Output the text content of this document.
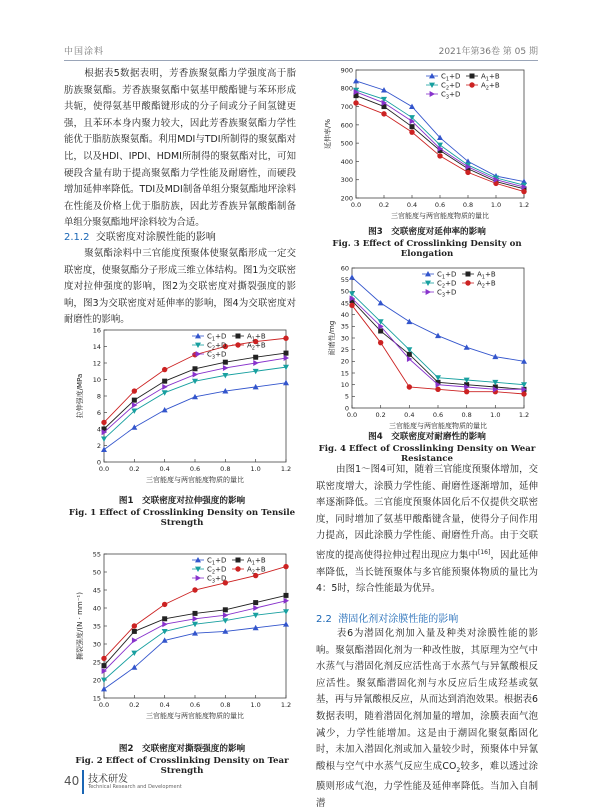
中国涂料	2021年第36卷 第 05 期

根据表5数据表明，芳香族聚氨酯力学强度高于脂肪族聚氨酯。芳香族聚氨酯中氨基甲酸酯键与苯环形成共轭，使得氨基甲酸酯键形成的分子间或分子间氢键更强，且苯环本身内聚力较大，因此芳香族聚氨酯力学性能优于脂肪族聚氨酯。利用MDI与TDI所制得的聚氨酯对比，以及HDI、IPDI、HDMI所制得的聚氨酯对比，可知硬段含量有助于提高聚氨酯力学性能及耐磨性，而硬段增加延伸率降低。TDI及MDI制备单组分聚氨酯地坪涂料在性能及价格上优于脂肪族，因此芳香族异氰酸酯制备单组分聚氨酯地坪涂料较为合适。

2.1.2 交联密度对涂膜性能的影响

聚氨酯涂料中三官能度预聚体使聚氨酯形成一定交联密度，使聚氨酯分子形成三维立体结构。图1为交联密度对拉伸强度的影响，图2为交联密度对撕裂强度的影响，图3为交联密度对延伸率的影响，图4为交联密度对耐磨性的影响。

0
2
4
6
8
10
12
14
16
0.0	0.2	0.4	0.6	0.8	1.0	1.2
三官能度与两官能度物质的量比
拉伸强度/MPa
$C_1+D$
$C_2+D$
$C_3+D$
$A_1+B$
$A_2+B$
图1　交联密度对拉伸强度的影响
Fig. 1 Effect of Crosslinking Density on Tensile Strength
15
20
25
30
35
40
45
50
55
0.0	0.2	0.4	0.6	0.8	1.0	1.2
三官能度与两官能度物质的量比
撕裂强度/(N · mm⁻¹)
$C_1+D$
$C_2+D$
$C_3+D$
$A_1+B$
$A_2+B$
图2　交联密度对撕裂强度的影响
Fig. 2 Effect of Crosslinking Density on Tear Strength
200
300
400
500
600
700
800
900
0.0	0.2	0.4	0.6	0.8	1.0	1.2
三官能度与两官能度物质的量比
延伸率/%
$C_1+D$
$C_2+D$
$C_3+D$
$A_1+B$
$A_2+B$
图3　交联密度对延伸率的影响
Fig. 3 Effect of Crosslinking Density on Elongation
0
5
10
15
20
25
30
35
40
45
50
55
60
0.0	0.2	0.4	0.6	0.8	1.0	1.2
三官能度与两官能度物质的量比
耐磨性/mg
$C_1+D$
$C_2+D$
$C_3+D$
$A_1+B$
$A_2+B$
图4　交联密度对耐磨性的影响
Fig. 4 Effect of Crosslinking Density on Wear Resistance

由图1～图4可知，随着三官能度预聚体增加，交联密度增大，涂膜力学性能、耐磨性逐渐增加，延伸率逐渐降低。三官能度预聚体固化后不仅提供交联密度，同时增加了氨基甲酸酯键含量，使得分子间作用力提高，因此涂膜力学性能、耐磨性升高。由于交联密度的提高使得拉伸过程出现应力集中[16]，因此延伸率降低，当长链预聚体与多官能预聚体物质的量比为4：5时，综合性能最为优异。

2.2 潜固化剂对涂膜性能的影响

表6为潜固化剂加入量及种类对涂膜性能的影响。聚氨酯潜固化剂为一种改性胺，其原理为空气中水蒸气与潜固化剂反应活性高于水蒸气与异氰酸根反应活性。聚氨酯潜固化剂与水反应后生成羟基或氨基，再与异氰酸根反应，从而达到消泡效果。根据表6数据表明，随着潜固化剂加量的增加，涂膜表面气泡减少，力学性能增加。这是由于潮固化聚氨酯固化时，未加入潜固化剂或加入量较少时，预聚体中异氰酸根与空气中水蒸气反应生成$CO_2$较多，难以透过涂膜则形成气泡，力学性能及延伸率降低。当加入自制潜

40 技术研发
Technical Research and Development
